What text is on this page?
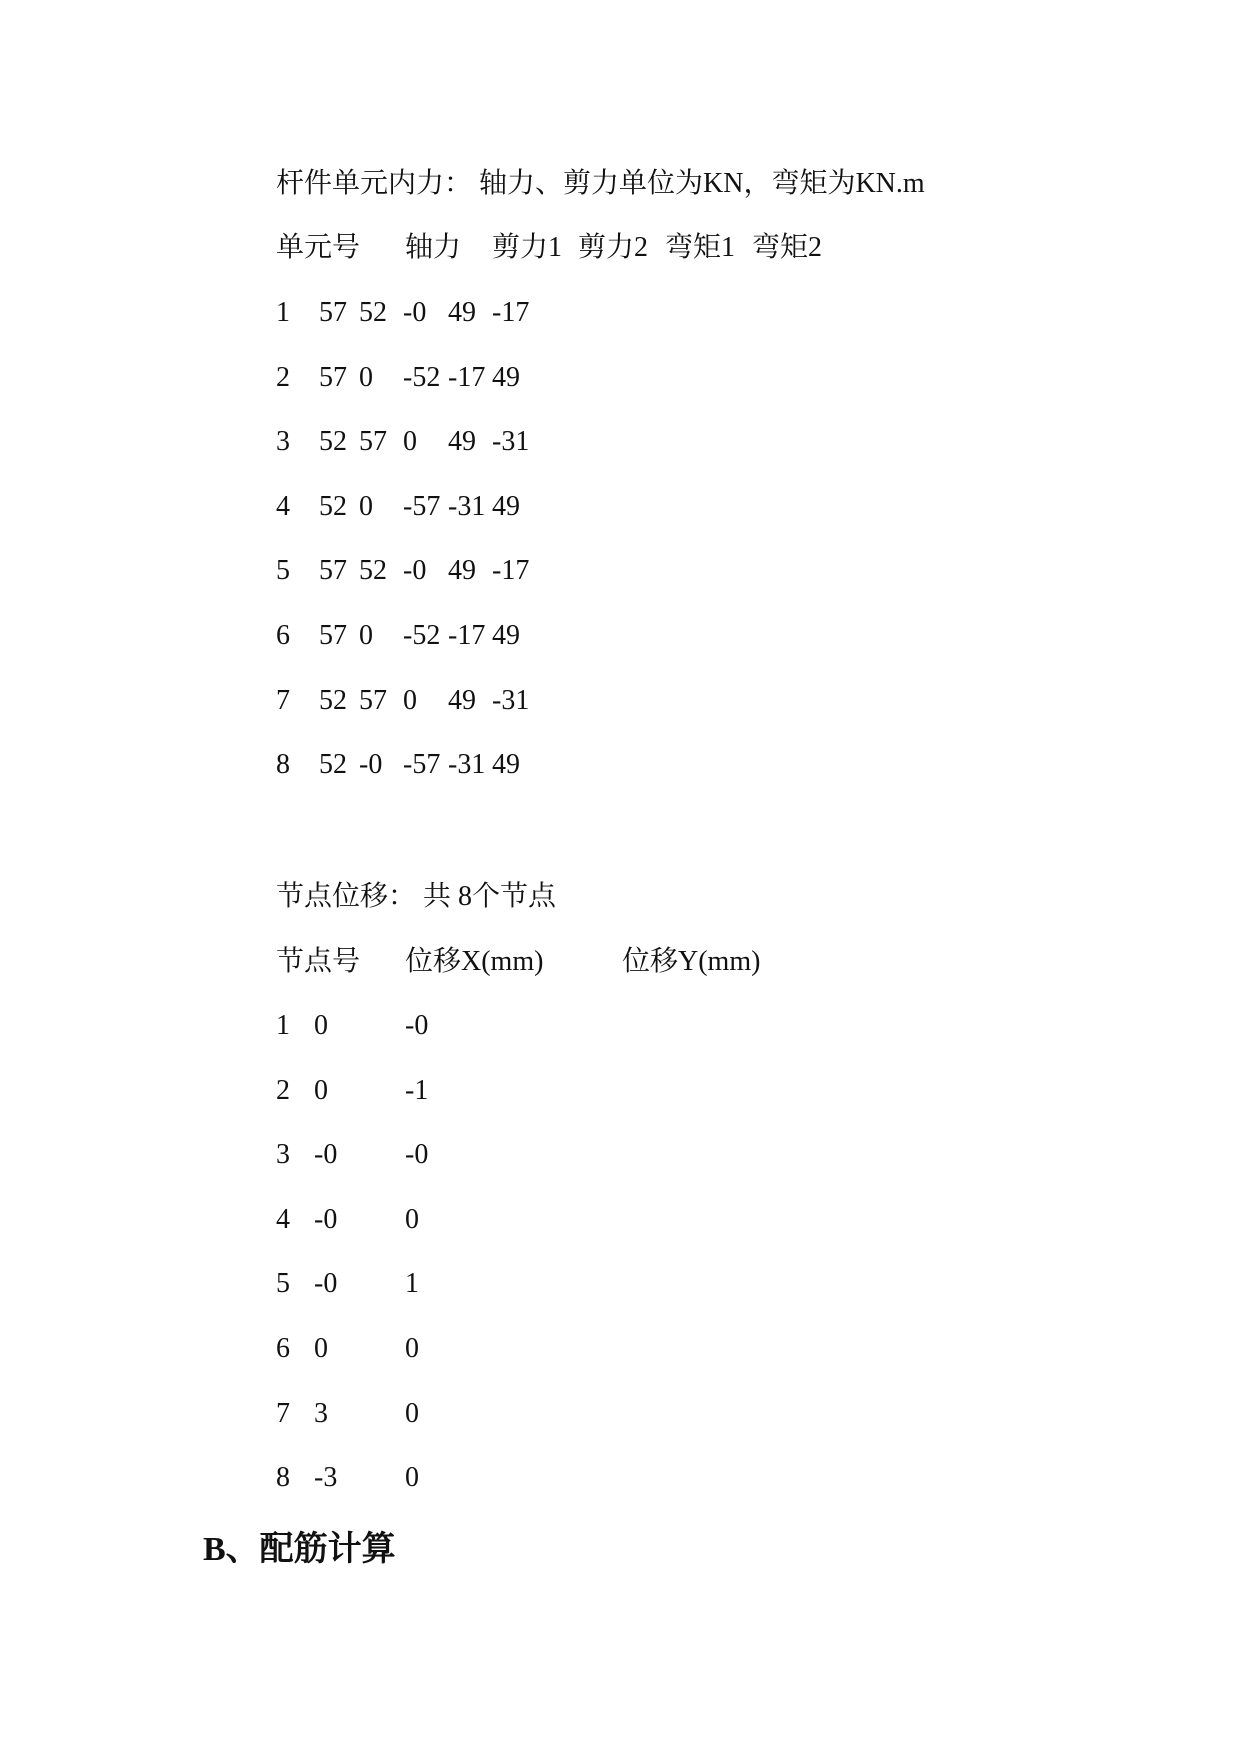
杆件单元内力： 轴力、剪力单位为KN，弯矩为KN.m
单元号 轴力 剪力1 剪力2 弯矩1 弯矩2
1 57 52 -0 49 -17
2 57 0 -52 -17 49
3 52 57 0 49 -31
4 52 0 -57 -31 49
5 57 52 -0 49 -17
6 57 0 -52 -17 49
7 52 57 0 49 -31
8 52 -0 -57 -31 49
节点位移： 共 8个节点
节点号 位移X(mm)	位移Y(mm)
1 0	-0
2 0	-1
3 -0 -0
4 -0 0
5 -0 1
6 0	0
7 3	0
8 -3 0
B、配筋计算
